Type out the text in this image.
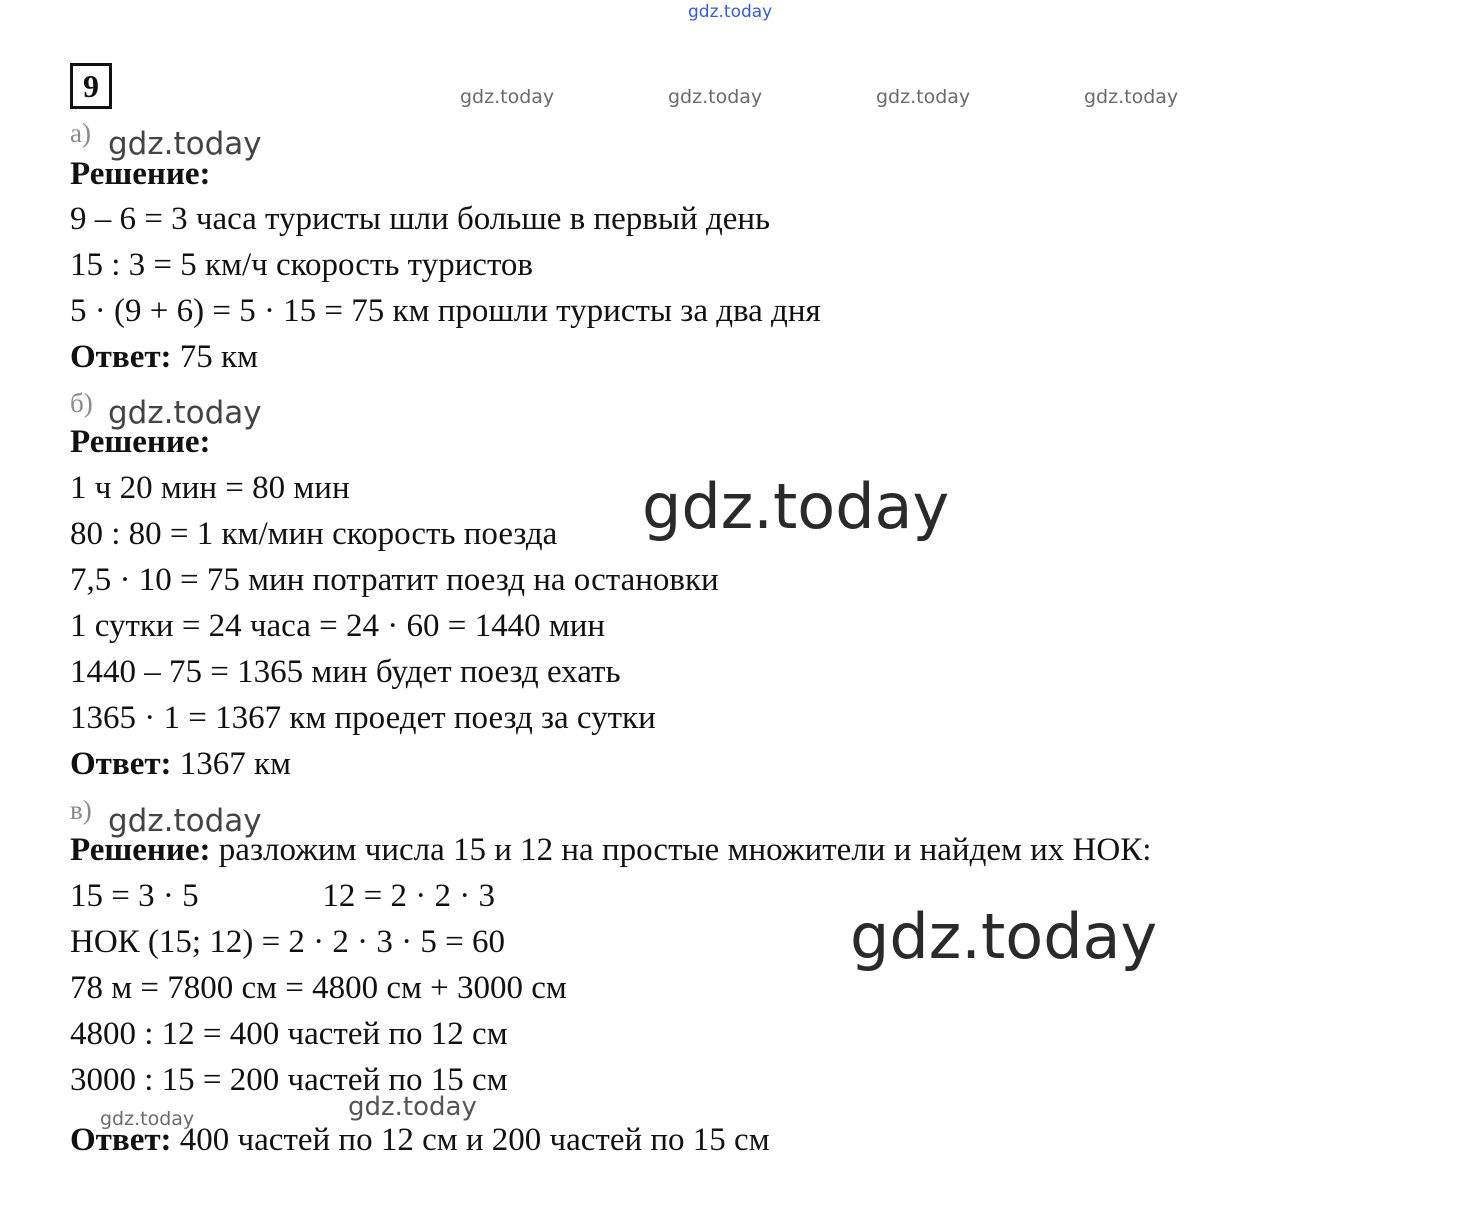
gdz.today
gdz.today	gdz.today	gdz.today	gdz.today
9
а) gdz.today
Решение:
9 – 6 = 3 часа туристы шли больше в первый день
15 : 3 = 5 км/ч скорость туристов
5 · (9 + 6) = 5 · 15 = 75 км прошли туристы за два дня
Ответ: 75 км
б) gdz.today
Решение:
1 ч 20 мин = 80 мин
80 : 80 = 1 км/мин скорость поезда
7,5 · 10 = 75 мин потратит поезд на остановки
1 сутки = 24 часа = 24 · 60 = 1440 мин
1440 – 75 = 1365 мин будет поезд ехать
1365 · 1 = 1367 км проедет поезд за сутки
Ответ: 1367 км
gdz.today
в) gdz.today
Решение: разложим числа 15 и 12 на простые множители и найдем их НОК:
15 = 3 · 5               12 = 2 · 2 · 3
НОК (15; 12) = 2 · 2 · 3 · 5 = 60
78 м = 7800 см = 4800 см + 3000 см
4800 : 12 = 400 частей по 12 см
3000 : 15 = 200 частей по 15 см
gdz.today	gdz.today
Ответ: 400 частей по 12 см и 200 частей по 15 см
gdz.today
